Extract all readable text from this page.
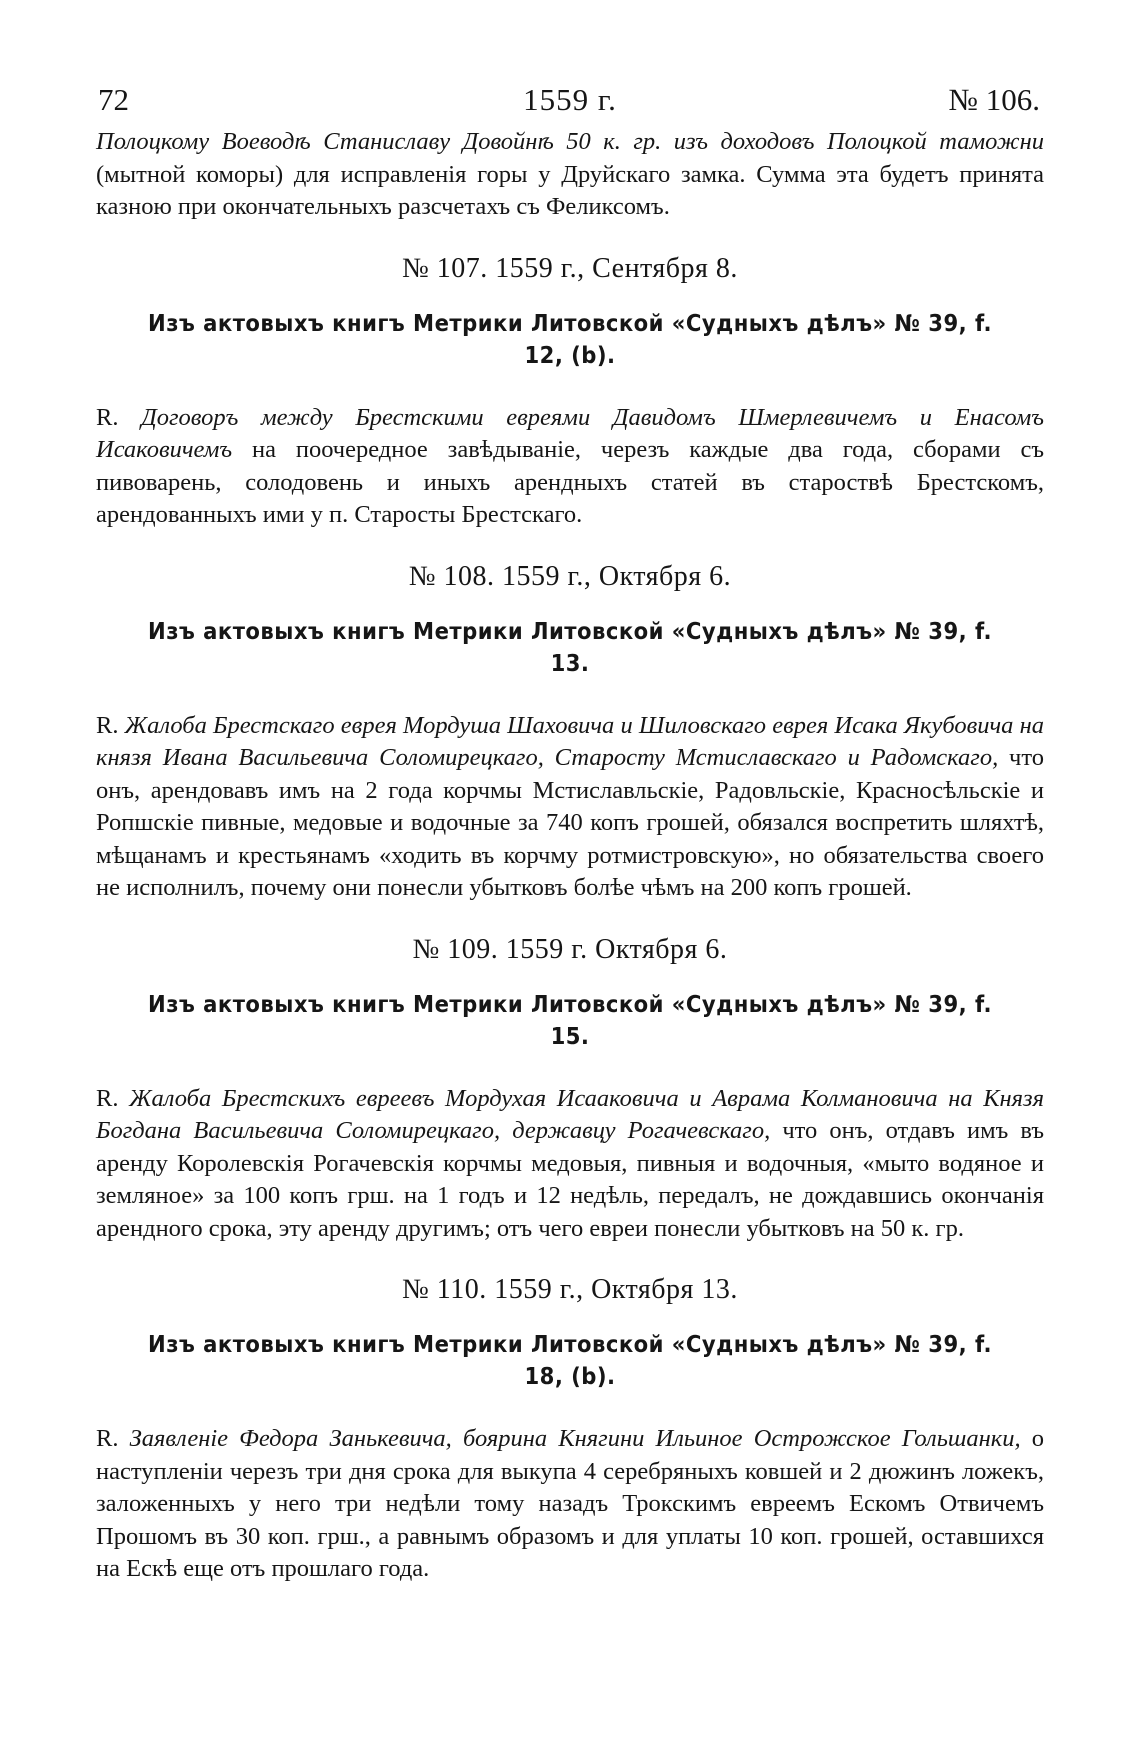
72	1559 г.	№ 106.

Полоцкому Воеводѣ Станиславу Довойнѣ 50 к. гр. изъ доходовъ Полоцкой таможни (мытной коморы) для исправленія горы у Друйскаго замка. Сумма эта будетъ принята казною при окончательныхъ разсчетахъ съ Феликсомъ.

№ 107. 1559 г., Сентября 8.
Изъ актовыхъ книгъ Метрики Литовской «Судныхъ дѣлъ» № 39, f. 12, (b).

R. Договоръ между Брестскими евреями Давидомъ Шмерлевичемъ и Енасомъ Исаковичемъ на поочередное завѣдываніе, черезъ каждые два года, сборами съ пивоварень, солодовень и иныхъ арендныхъ статей въ староствѣ Брестскомъ, арендованныхъ ими у п. Старосты Брестскаго.

№ 108. 1559 г., Октября 6.
Изъ актовыхъ книгъ Метрики Литовской «Судныхъ дѣлъ» № 39, f. 13.

R. Жалоба Брестскаго еврея Мордуша Шаховича и Шиловскаго еврея Исака Якубовича на князя Ивана Васильевича Соломирецкаго, Старосту Мстиславскаго и Радомскаго, что онъ, арендовавъ имъ на 2 года корчмы Мстиславльскіе, Радовльскіе, Красносѣльскіе и Ропшскіе пивные, медовые и водочные за 740 копъ грошей, обязался воспретить шляхтѣ, мѣщанамъ и крестьянамъ «ходить въ корчму ротмистровскую», но обязательства своего не исполнилъ, почему они понесли убытковъ болѣе чѣмъ на 200 копъ грошей.

№ 109. 1559 г. Октября 6.
Изъ актовыхъ книгъ Метрики Литовской «Судныхъ дѣлъ» № 39, f. 15.

R. Жалоба Брестскихъ евреевъ Мордухая Исааковича и Аврама Колмановича на Князя Богдана Васильевича Соломирецкаго, державцу Рогачевскаго, что онъ, отдавъ имъ въ аренду Королевскія Рогачевскія корчмы медовыя, пивныя и водочныя, «мыто водяное и земляное» за 100 копъ грш. на 1 годъ и 12 недѣль, передалъ, не дождавшись окончанія арендного срока, эту аренду другимъ; отъ чего евреи понесли убытковъ на 50 к. гр.

№ 110. 1559 г., Октября 13.
Изъ актовыхъ книгъ Метрики Литовской «Судныхъ дѣлъ» № 39, f. 18, (b).

R. Заявленіе Федора Занькевича, боярина Княгини Ильиное Острожское Гольшанки, о наступленіи черезъ три дня срока для выкупа 4 серебряныхъ ковшей и 2 дюжинъ ложекъ, заложенныхъ у него три недѣли тому назадъ Трокскимъ евреемъ Ескомъ Отвичемъ Прошомъ въ 30 коп. грш., а равнымъ образомъ и для уплаты 10 коп. грошей, оставшихся на Ескѣ еще отъ прошлаго года.
